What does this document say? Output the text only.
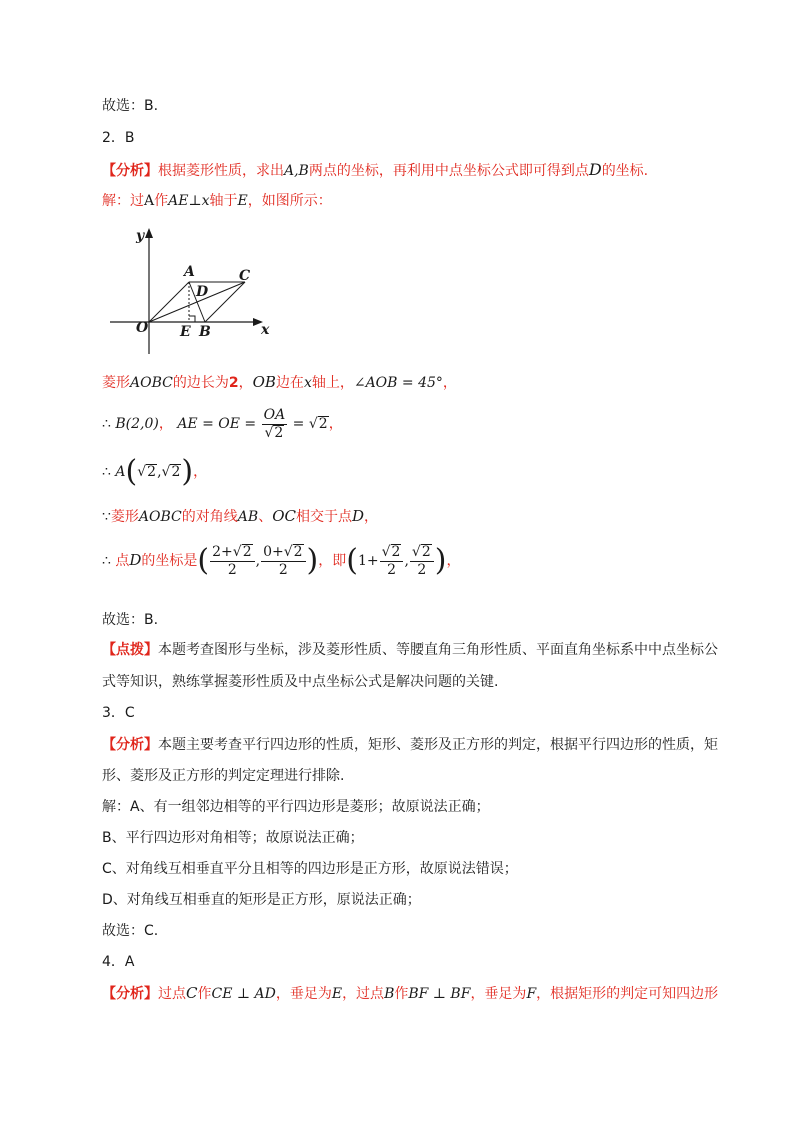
故选：B.
2．B
【分析】根据菱形性质，求出A,B两点的坐标，再利用中点坐标公式即可得到点D的坐标.
解：过A作AE⊥x轴于E，如图所示：
y
x
O
A	C
D
E B
菱形AOBC的边长为2，OB边在x轴上，∠AOB = 45°，
∴ B(2,0)， AE = OE = $\frac{OA}{√2} = √2$，
∴ A(√2,√2)，
∵菱形AOBC的对角线AB、OC相交于点D，
∴ 点D的坐标是( $\frac{2+√2}{2}$ , $\frac{0+√2}{2}$ )，即($1+ \frac{√2}{2}$ , $\frac{√2}{2}$ )，
故选：B.
【点拨】本题考查图形与坐标，涉及菱形性质、等腰直角三角形性质、平面直角坐标系中中点坐标公
式等知识，熟练掌握菱形性质及中点坐标公式是解决问题的关键.
3．C
【分析】本题主要考查平行四边形的性质，矩形、菱形及正方形的判定，根据平行四边形的性质，矩
形、菱形及正方形的判定定理进行排除.
解：A、有一组邻边相等的平行四边形是菱形；故原说法正确；
B、平行四边形对角相等；故原说法正确；
C、对角线互相垂直平分且相等的四边形是正方形，故原说法错误；
D、对角线互相垂直的矩形是正方形，原说法正确；
故选：C.
4．A
【分析】过点C作CE ⊥ AD，垂足为E，过点B作BF ⊥ BF，垂足为F，根据矩形的判定可知四边形
